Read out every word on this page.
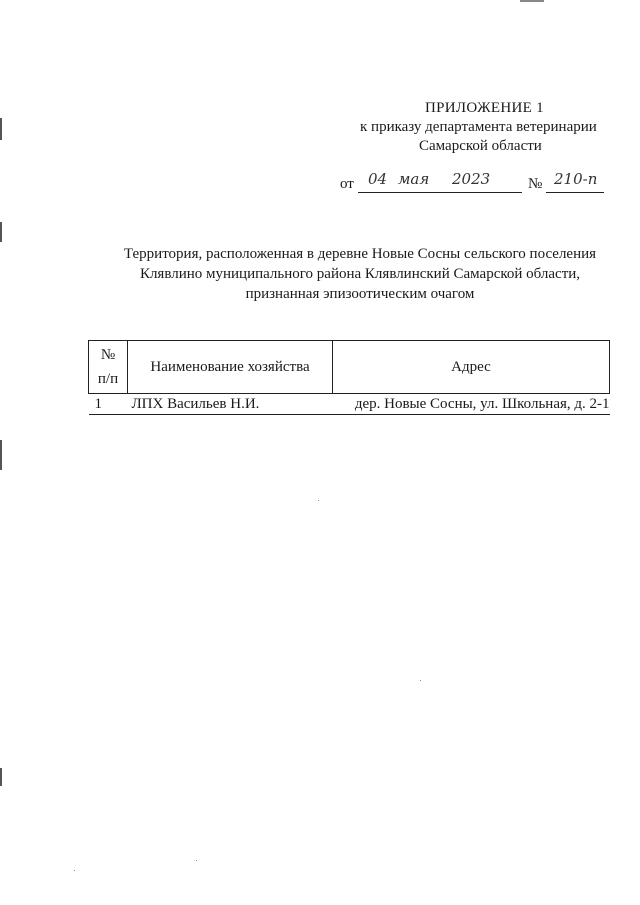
ПРИЛОЖЕНИЕ 1
к приказу департамента ветеринарии
Самарской области
от 04 мая 2023	№ 210-п
Территория, расположенная в деревне Новые Сосны сельского поселения
Клявлино муниципального района Клявлинский Самарской области,
признанная эпизоотическим очагом
№
п/п	Наименование хозяйства	Адрес
1	ЛПХ Васильев Н.И.	дер. Новые Сосны, ул. Школьная, д. 2-1
